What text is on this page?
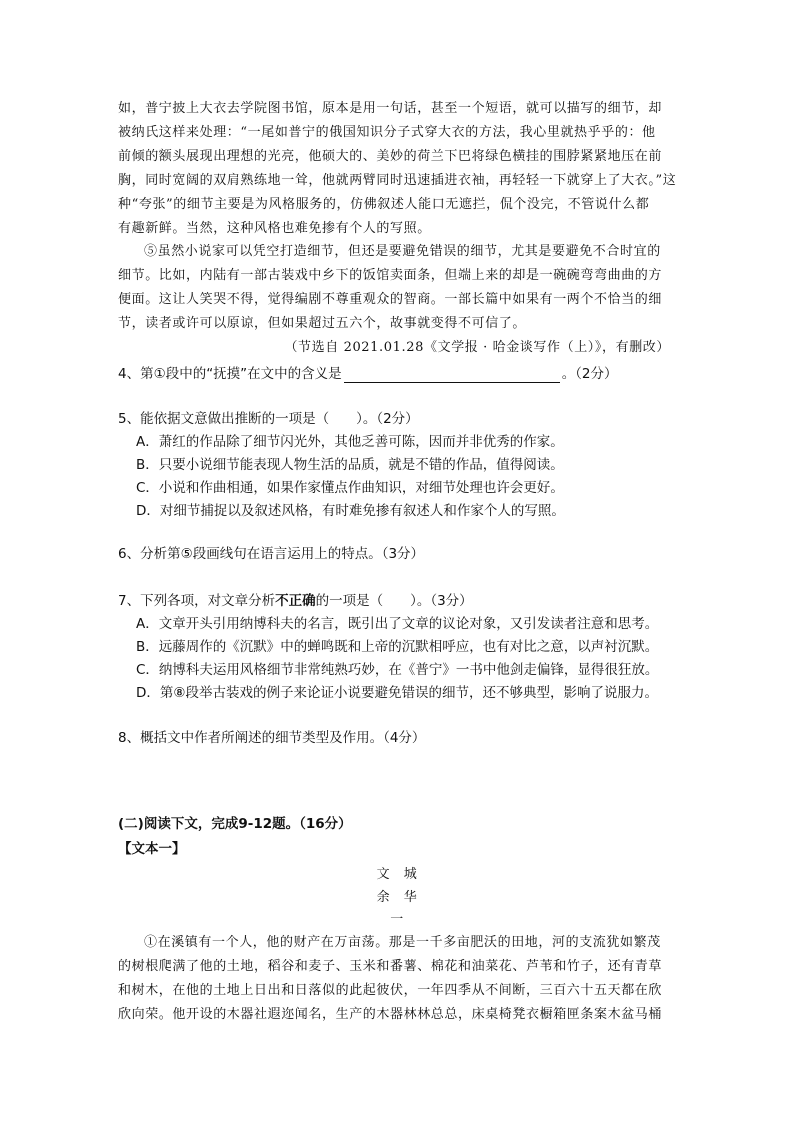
如，普宁披上大衣去学院图书馆，原本是用一句话，甚至一个短语，就可以描写的细节，却
被纳氏这样来处理：“一尾如普宁的俄国知识分子式穿大衣的方法，我心里就热乎乎的：他
前倾的额头展现出理想的光亮，他硕大的、美妙的荷兰下巴将绿色横挂的围脖紧紧地压在前
胸，同时宽阔的双肩熟练地一耸，他就两臂同时迅速插进衣袖，再轻轻一下就穿上了大衣。”这
种“夸张”的细节主要是为风格服务的，仿佛叙述人能口无遮拦，侃个没完，不管说什么都
有趣新鲜。当然，这种风格也难免掺有个人的写照。
⑤虽然小说家可以凭空打造细节，但还是要避免错误的细节，尤其是要避免不合时宜的
细节。比如，内陆有一部古装戏中乡下的饭馆卖面条，但端上来的却是一碗碗弯弯曲曲的方
便面。这让人笑哭不得，觉得编剧不尊重观众的智商。一部长篇中如果有一两个不恰当的细
节，读者或许可以原谅，但如果超过五六个，故事就变得不可信了。
（节选自 2021.01.28《文学报 · 哈金谈写作（上）》，有删改）
4、第①段中的“抚摸”在文中的含义是	。（2分）
5、能依据文意做出推断的一项是（　　）。（2分）
A．萧红的作品除了细节闪光外，其他乏善可陈，因而并非优秀的作家。
B．只要小说细节能表现人物生活的品质，就是不错的作品，值得阅读。
C．小说和作曲相通，如果作家懂点作曲知识，对细节处理也许会更好。
D．对细节捕捉以及叙述风格，有时难免掺有叙述人和作家个人的写照。
6、分析第⑤段画线句在语言运用上的特点。（3分）
7、下列各项，对文章分析不正确的一项是（　　）。（3分）
A．文章开头引用纳博科夫的名言，既引出了文章的议论对象，又引发读者注意和思考。
B．远藤周作的《沉默》中的蝉鸣既和上帝的沉默相呼应，也有对比之意，以声衬沉默。
C．纳博科夫运用风格细节非常纯熟巧妙，在《普宁》一书中他剑走偏锋，显得很狂放。
D．第⑧段举古装戏的例子来论证小说要避免错误的细节，还不够典型，影响了说服力。
8、概括文中作者所阐述的细节类型及作用。（4分）
(二)阅读下文，完成9-12题。（16分）
【文本一】
文　城
余　华
一
①在溪镇有一个人，他的财产在万亩荡。那是一千多亩肥沃的田地，河的支流犹如繁茂
的树根爬满了他的土地，稻谷和麦子、玉米和番薯、棉花和油菜花、芦苇和竹子，还有青草
和树木，在他的土地上日出和日落似的此起彼伏，一年四季从不间断，三百六十五天都在欣
欣向荣。他开设的木器社遐迩闻名，生产的木器林林总总，床桌椅凳衣橱箱匣条案木盆马桶
